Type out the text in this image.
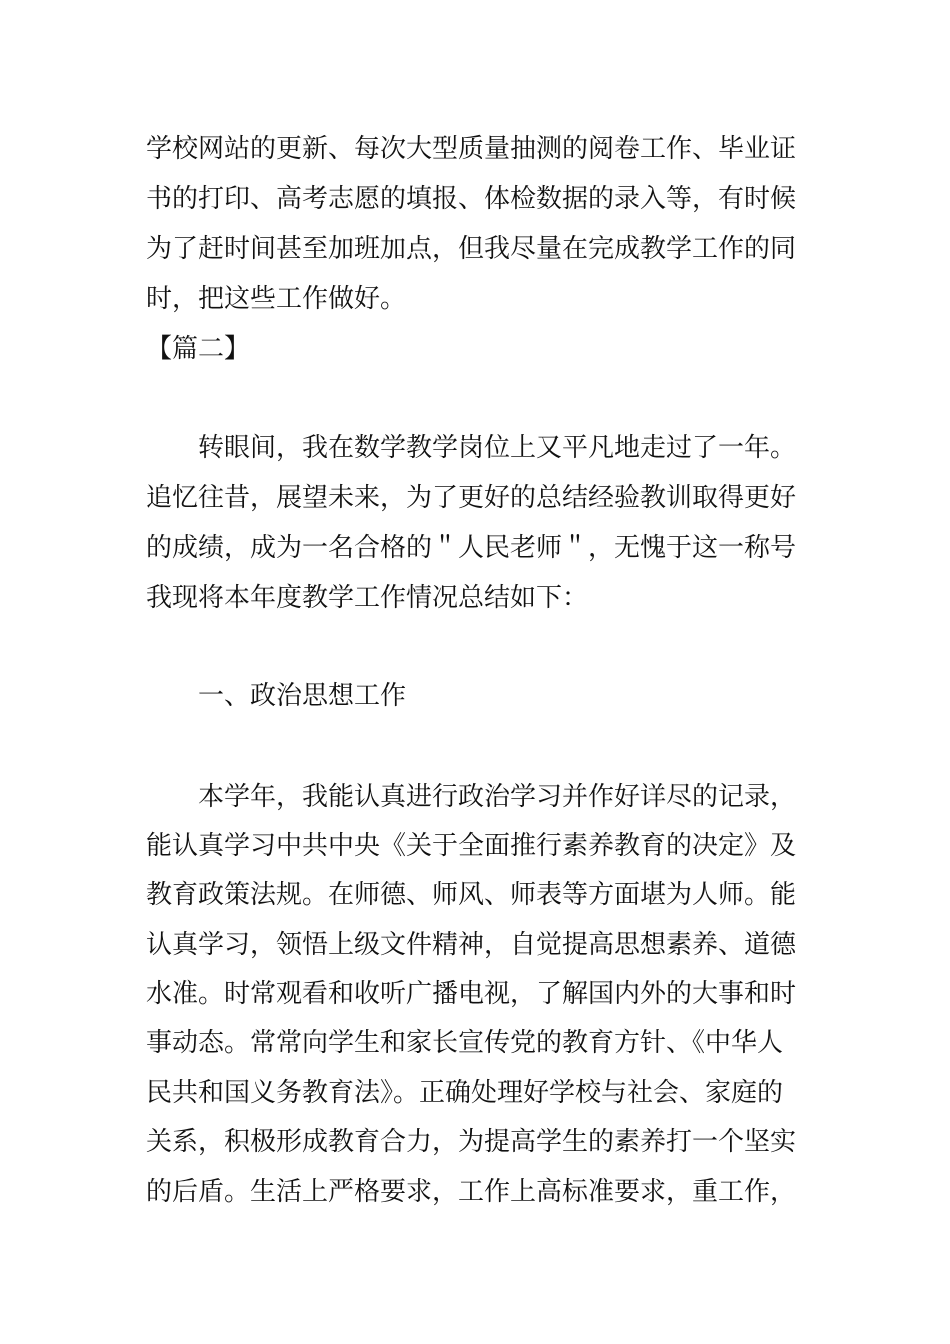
学校网站的更新、每次大型质量抽测的阅卷工作、毕业证
书的打印、高考志愿的填报、体检数据的录入等，有时候
为了赶时间甚至加班加点，但我尽量在完成教学工作的同
时，把这些工作做好。
【篇二】
　　转眼间，我在数学教学岗位上又平凡地走过了一年。
追忆往昔，展望未来，为了更好的总结经验教训取得更好
的成绩，成为一名合格的＂人民老师＂，无愧于这一称号
我现将本年度教学工作情况总结如下：
　　一、政治思想工作
　　本学年，我能认真进行政治学习并作好详尽的记录，
能认真学习中共中央《关于全面推行素养教育的决定》及
教育政策法规。在师德、师风、师表等方面堪为人师。能
认真学习，领悟上级文件精神，自觉提高思想素养、道德
水准。时常观看和收听广播电视，了解国内外的大事和时
事动态。常常向学生和家长宣传党的教育方针、《中华人
民共和国义务教育法》。正确处理好学校与社会、家庭的
关系，积极形成教育合力，为提高学生的素养打一个坚实
的后盾。生活上严格要求，工作上高标准要求，重工作，
